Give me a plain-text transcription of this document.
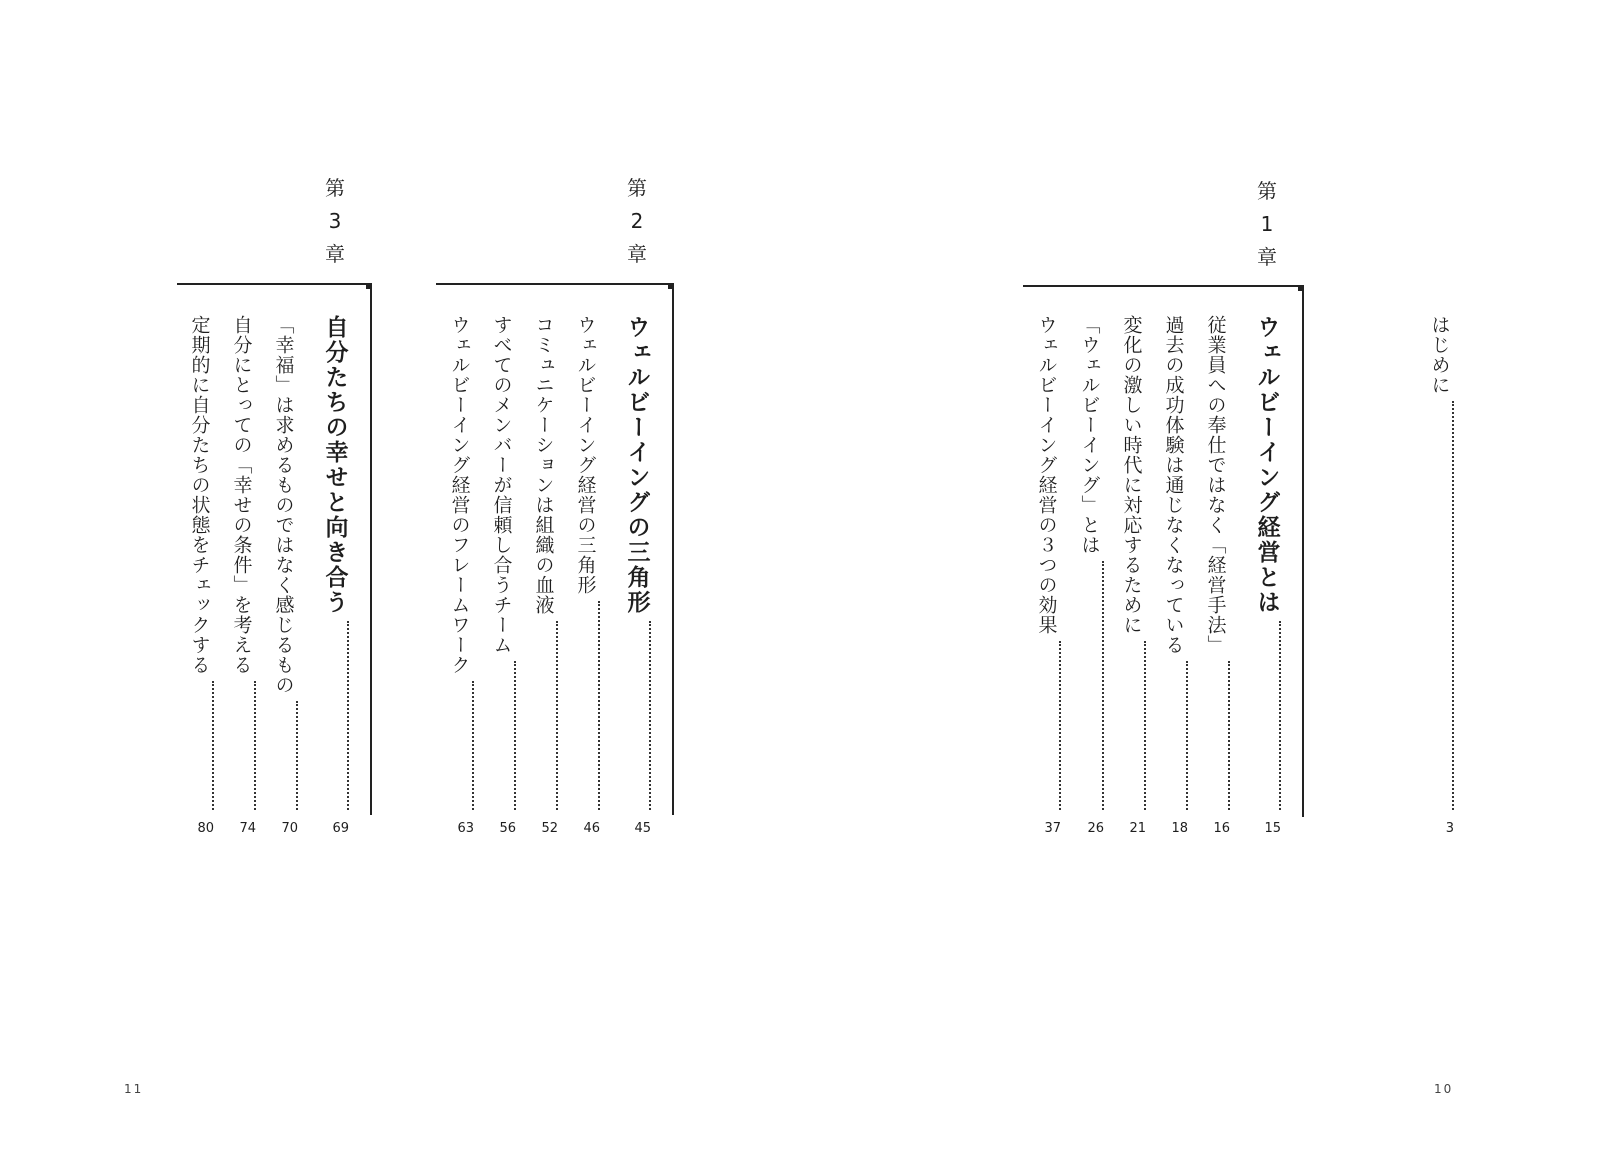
はじめに
3
第
1
章
ウェルビーイング経営とは
15
従業員への奉仕ではなく「経営手法」
16
過去の成功体験は通じなくなっている
18
変化の激しい時代に対応するために
21
「ウェルビーイング」とは
26
ウェルビーイング経営の３つの効果
37
第
2
章
ウェルビーイングの三角形
45
ウェルビーイング経営の三角形
46
コミュニケーションは組織の血液
52
すべてのメンバーが信頼し合うチーム
56
ウェルビーイング経営のフレームワーク
63
第
3
章
自分たちの幸せと向き合う
69
「幸福」は求めるものではなく感じるもの
70
自分にとっての「幸せの条件」を考える
74
定期的に自分たちの状態をチェックする
80
10
11
